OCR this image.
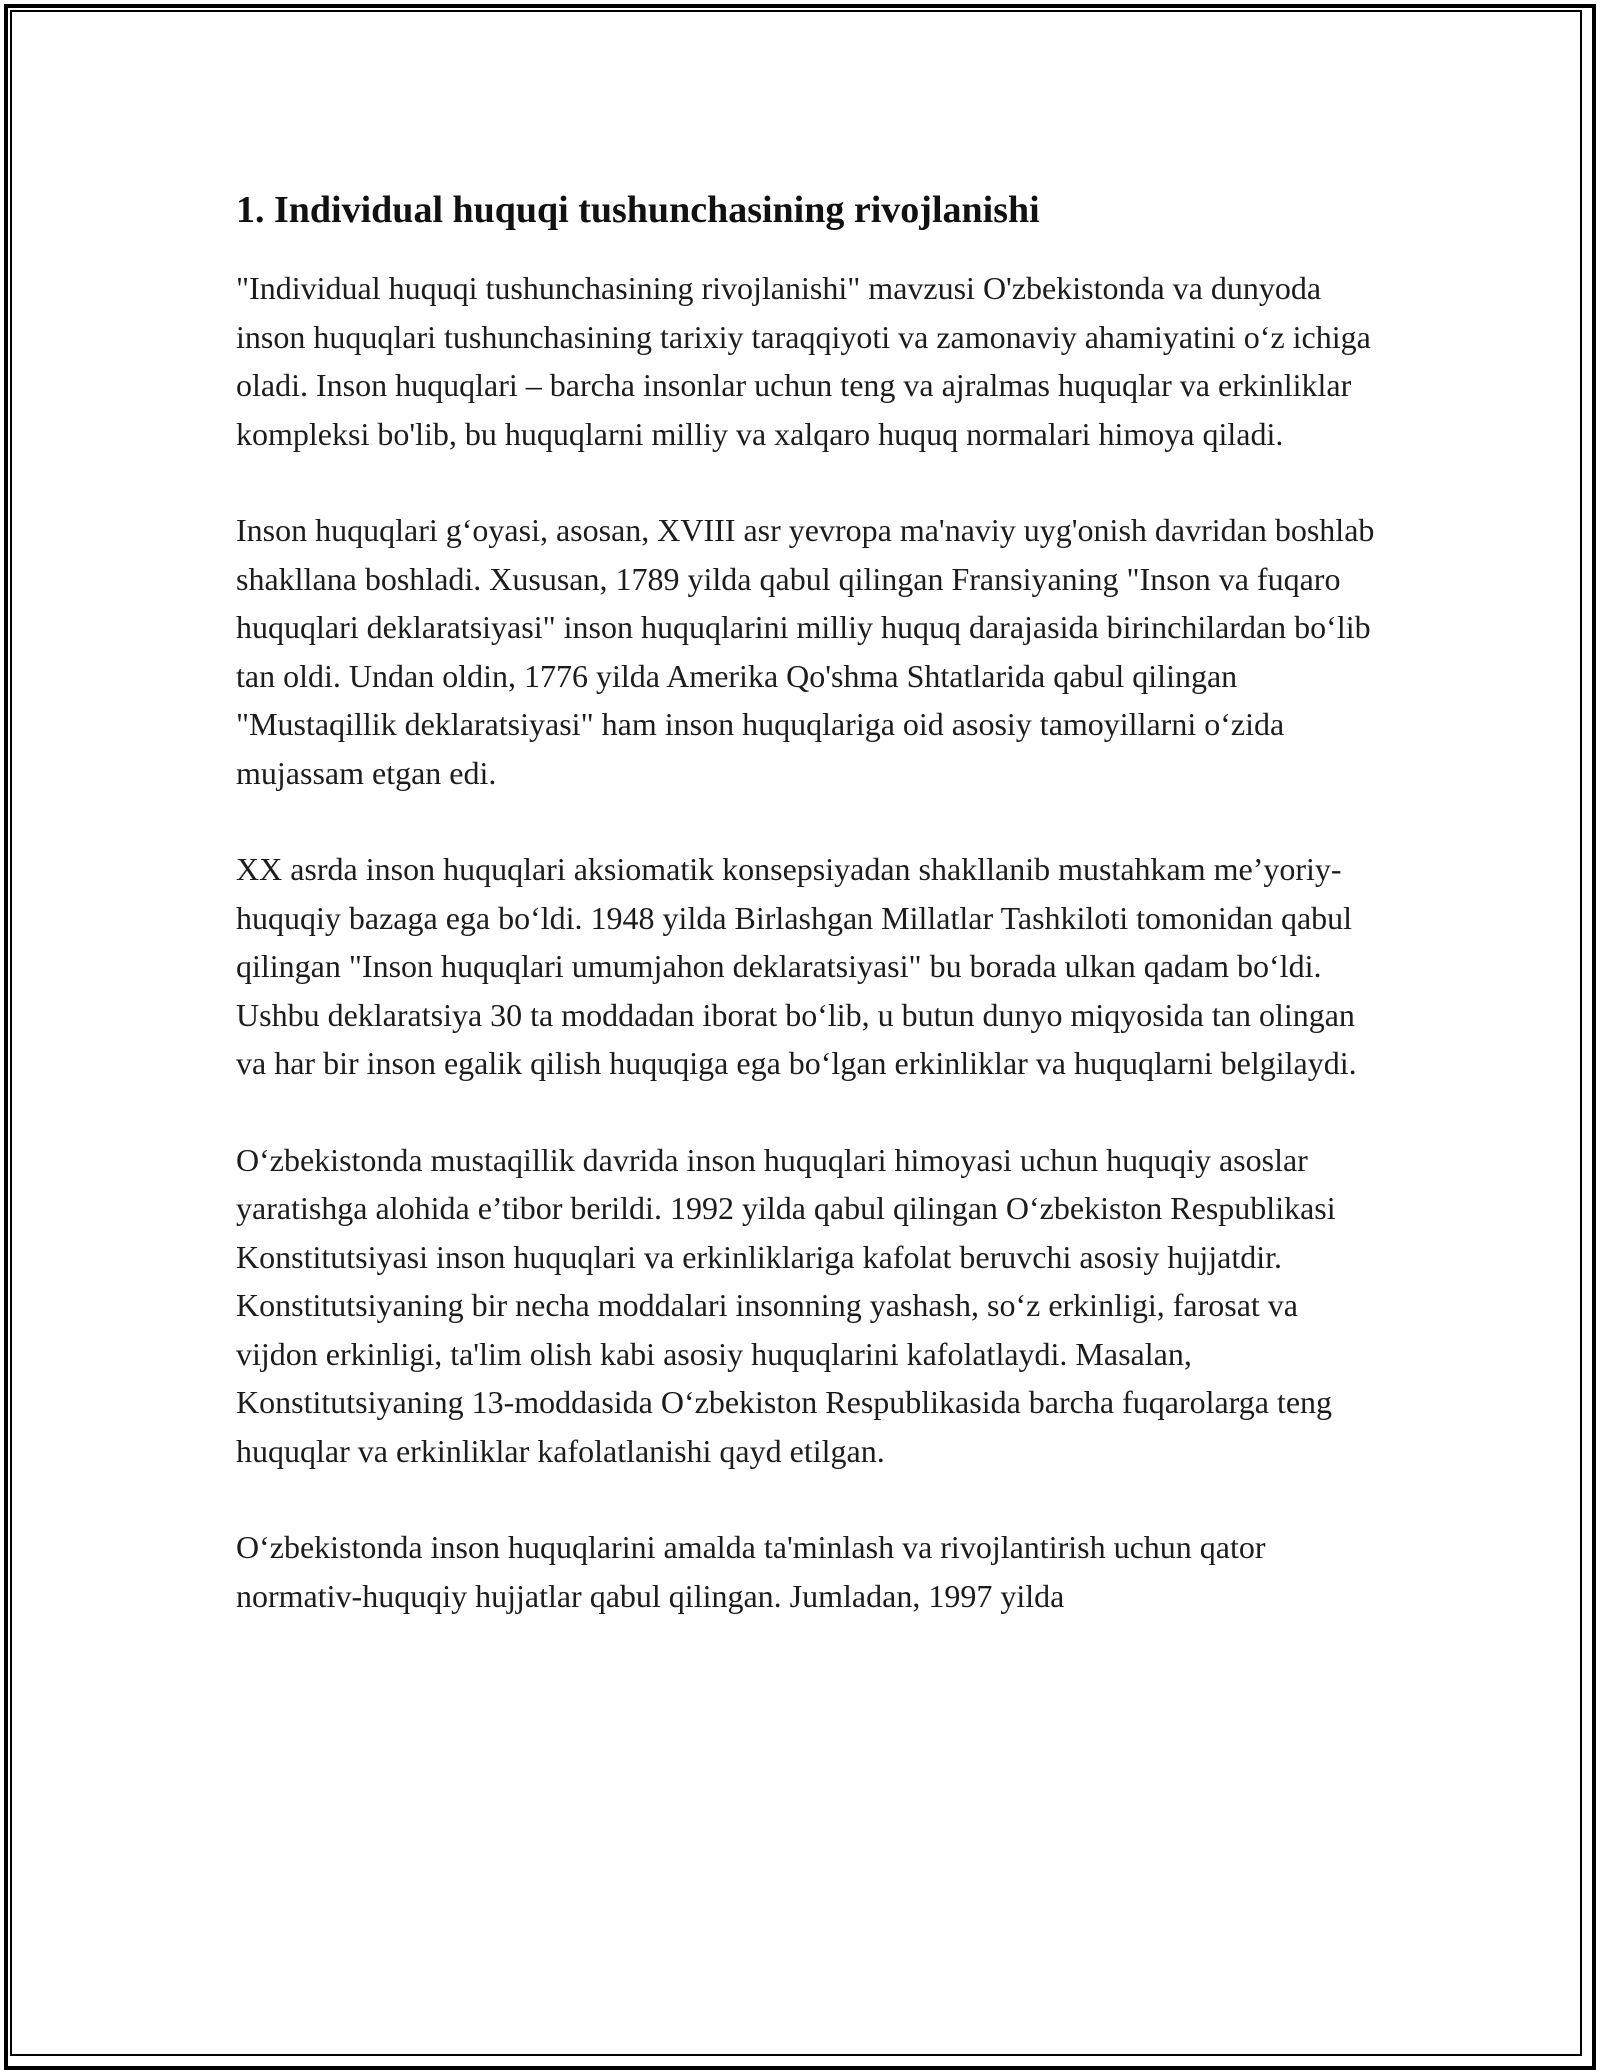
1. Individual huquqi tushunchasining rivojlanishi

"Individual huquqi tushunchasining rivojlanishi" mavzusi O'zbekistonda va dunyoda inson huquqlari tushunchasining tarixiy taraqqiyoti va zamonaviy ahamiyatini o‘z ichiga oladi. Inson huquqlari – barcha insonlar uchun teng va ajralmas huquqlar va erkinliklar kompleksi bo'lib, bu huquqlarni milliy va xalqaro huquq normalari himoya qiladi.

Inson huquqlari g‘oyasi, asosan, XVIII asr yevropa ma'naviy uyg'onish davridan boshlab shakllana boshladi. Xususan, 1789 yilda qabul qilingan Fransiyaning "Inson va fuqaro huquqlari deklaratsiyasi" inson huquqlarini milliy huquq darajasida birinchilardan bo‘lib tan oldi. Undan oldin, 1776 yilda Amerika Qo'shma Shtatlarida qabul qilingan "Mustaqillik deklaratsiyasi" ham inson huquqlariga oid asosiy tamoyillarni o‘zida mujassam etgan edi.

XX asrda inson huquqlari aksiomatik konsepsiyadan shakllanib mustahkam me’yoriy-huquqiy bazaga ega bo‘ldi. 1948 yilda Birlashgan Millatlar Tashkiloti tomonidan qabul qilingan "Inson huquqlari umumjahon deklaratsiyasi" bu borada ulkan qadam bo‘ldi. Ushbu deklaratsiya 30 ta moddadan iborat bo‘lib, u butun dunyo miqyosida tan olingan va har bir inson egalik qilish huquqiga ega bo‘lgan erkinliklar va huquqlarni belgilaydi.

O‘zbekistonda mustaqillik davrida inson huquqlari himoyasi uchun huquqiy asoslar yaratishga alohida e’tibor berildi. 1992 yilda qabul qilingan O‘zbekiston Respublikasi Konstitutsiyasi inson huquqlari va erkinliklariga kafolat beruvchi asosiy hujjatdir. Konstitutsiyaning bir necha moddalari insonning yashash, so‘z erkinligi, farosat va vijdon erkinligi, ta'lim olish kabi asosiy huquqlarini kafolatlaydi. Masalan, Konstitutsiyaning 13-moddasida O‘zbekiston Respublikasida barcha fuqarolarga teng huquqlar va erkinliklar kafolatlanishi qayd etilgan.

O‘zbekistonda inson huquqlarini amalda ta'minlash va rivojlantirish uchun qator normativ-huquqiy hujjatlar qabul qilingan. Jumladan, 1997 yilda
